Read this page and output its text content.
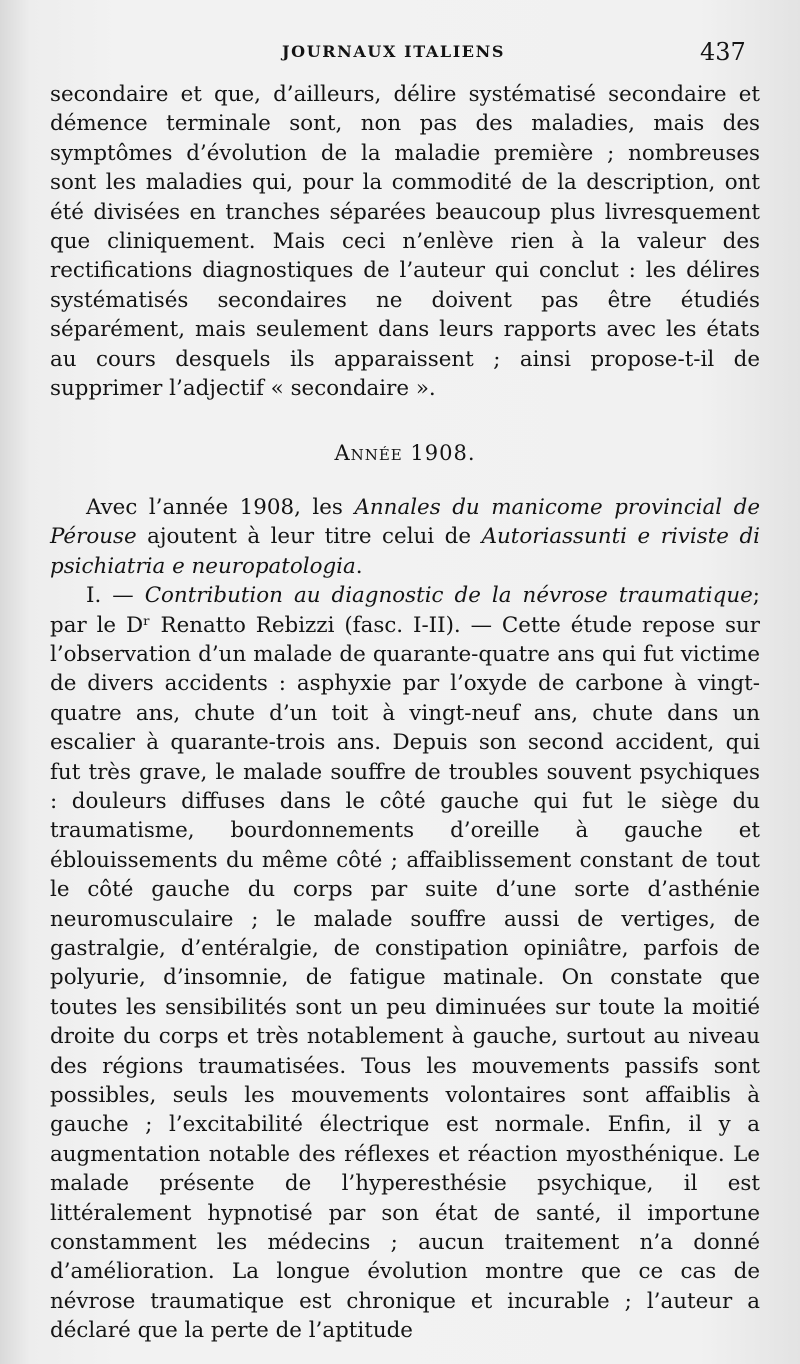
JOURNAUX ITALIENS	437

secondaire et que, d’ailleurs, délire systématisé secondaire et démence terminale sont, non pas des maladies, mais des symptômes d’évolution de la maladie première ; nombreuses sont les maladies qui, pour la commodité de la description, ont été divisées en tranches séparées beaucoup plus livresquement que cliniquement. Mais ceci n’enlève rien à la valeur des rectifications diagnostiques de l’auteur qui conclut : les délires systématisés secondaires ne doivent pas être étudiés séparément, mais seulement dans leurs rapports avec les états au cours desquels ils apparaissent ; ainsi propose-t-il de supprimer l’adjectif « secondaire ».

Année 1908.

Avec l’année 1908, les Annales du manicome provincial de Pérouse ajoutent à leur titre celui de Autoriassunti e riviste di psichiatria e neuropatologia.

I. — Contribution au diagnostic de la névrose traumatique; par le Dʳ Renatto Rebizzi (fasc. I-II). — Cette étude repose sur l’observation d’un malade de quarante-quatre ans qui fut victime de divers accidents : asphyxie par l’oxyde de carbone à vingt-quatre ans, chute d’un toit à vingt-neuf ans, chute dans un escalier à quarante-trois ans. Depuis son second accident, qui fut très grave, le malade souffre de troubles souvent psychiques : douleurs diffuses dans le côté gauche qui fut le siège du traumatisme, bourdonnements d’oreille à gauche et éblouissements du même côté ; affaiblissement constant de tout le côté gauche du corps par suite d’une sorte d’asthénie neuromusculaire ; le malade souffre aussi de vertiges, de gastralgie, d’entéralgie, de constipation opiniâtre, parfois de polyurie, d’insomnie, de fatigue matinale. On constate que toutes les sensibilités sont un peu diminuées sur toute la moitié droite du corps et très notablement à gauche, surtout au niveau des régions traumatisées. Tous les mouvements passifs sont possibles, seuls les mouvements volontaires sont affaiblis à gauche ; l’excitabilité électrique est normale. Enfin, il y a augmentation notable des réflexes et réaction myosthénique. Le malade présente de l’hyperesthésie psychique, il est littéralement hypnotisé par son état de santé, il importune constamment les médecins ; aucun traitement n’a donné d’amélioration. La longue évolution montre que ce cas de névrose traumatique est chronique et incurable ; l’auteur a déclaré que la perte de l’aptitude
